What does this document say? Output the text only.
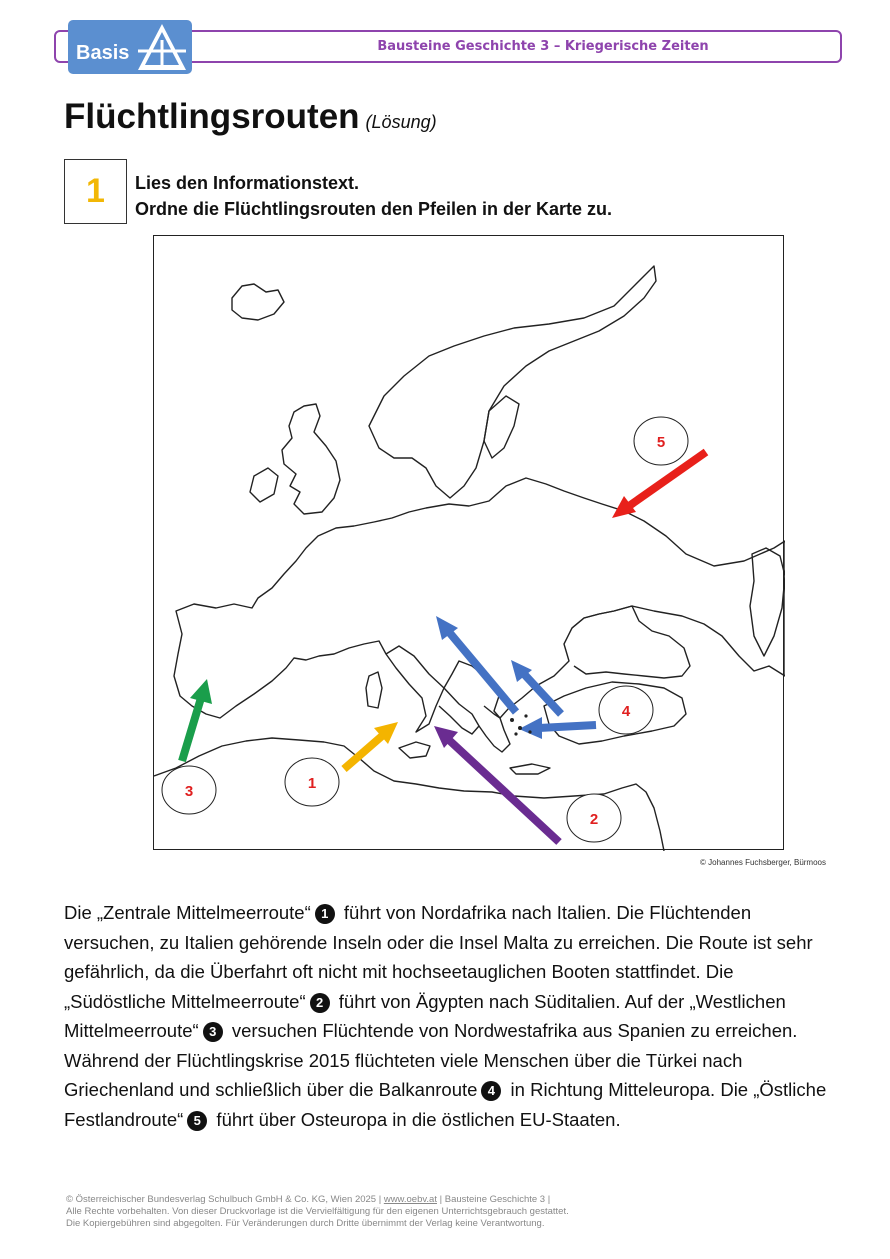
Bausteine Geschichte 3 – Kriegerische Zeiten
Basis
Flüchtlingsrouten (Lösung)
1	Lies den Informationstext.
Ordne die Flüchtlingsrouten den Pfeilen in der Karte zu.
1
2
3
4
5
© Johannes Fuchsberger, Bürmoos
Die „Zentrale Mittelmeerroute“ 1 führt von Nordafrika nach Italien. Die Flüchtenden versuchen, zu Italien gehörende Inseln oder die Insel Malta zu erreichen. Die Route ist sehr gefährlich, da die Überfahrt oft nicht mit hochseetauglichen Booten stattfindet. Die „Südöstliche Mittelmeerroute“ 2 führt von Ägypten nach Süditalien. Auf der „Westlichen Mittelmeerroute“ 3 versuchen Flüchtende von Nordwestafrika aus Spanien zu erreichen. Während der Flüchtlingskrise 2015 flüchteten viele Menschen über die Türkei nach Griechenland und schließlich über die Balkanroute 4 in Richtung Mitteleuropa. Die „Östliche Festlandroute“ 5 führt über Osteuropa in die östlichen EU-Staaten.
© Österreichischer Bundesverlag Schulbuch GmbH & Co. KG, Wien 2025 | www.oebv.at | Bausteine Geschichte 3 |
Alle Rechte vorbehalten. Von dieser Druckvorlage ist die Vervielfältigung für den eigenen Unterrichtsgebrauch gestattet.
Die Kopiergebühren sind abgegolten. Für Veränderungen durch Dritte übernimmt der Verlag keine Verantwortung.
